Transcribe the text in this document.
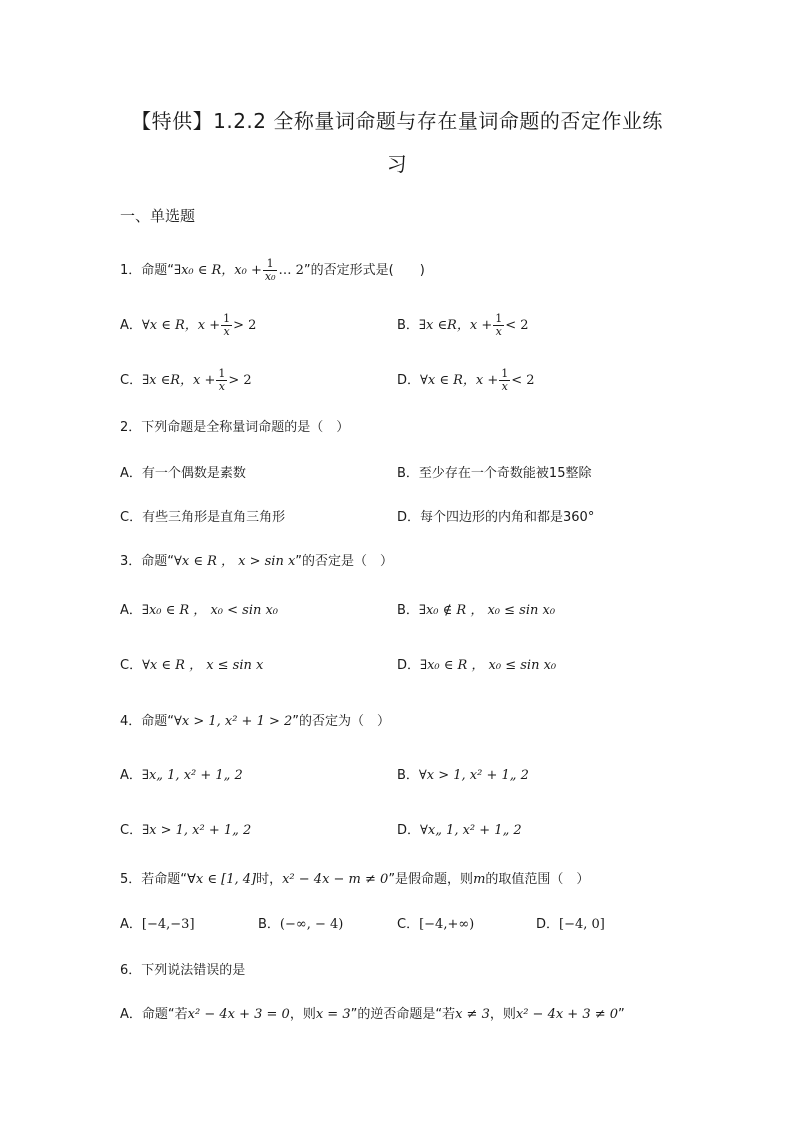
【特供】1.2.2 全称量词命题与存在量词命题的否定作业练
习
一、单选题
1．命题“∃x₀ ∈ R，$x_0 + \frac{1}{\text{x₀}}$ … 2”的否定形式是(　　)
A．∀x ∈ R，$x + \frac{1}{x} > 2$	B．∃x ∈R，$x + \frac{1}{x} < 2$
C．∃x ∈R，$x + \frac{1}{x} > 2$	D．∀x ∈ R，$x + \frac{1}{x} < 2$
2．下列命题是全称量词命题的是（　）
A．有一个偶数是素数	B．至少存在一个奇数能被15整除
C．有些三角形是直角三角形	D．每个四边形的内角和都是360°
3．命题“∀x ∈ R ， x > sin x”的否定是（　）
A．∃x₀ ∈ R ， x₀ < sin x₀	B．∃x₀ ∉ R ， x₀ ≤ sin x₀
C．∀x ∈ R ， x ≤ sin x	D．∃x₀ ∈ R ， x₀ ≤ sin x₀
4．命题“∀x > 1, x² + 1 > 2”的否定为（　）
A．∃x„ 1, x² + 1„ 2	B．∀x > 1, x² + 1„ 2
C．∃x > 1, x² + 1„ 2	D．∀x„ 1, x² + 1„ 2
5．若命题“∀x ∈ [1, 4]时，x² − 4x − m ≠ 0”是假命题，则m的取值范围（　）
A．[−4,−3]	B．(−∞, − 4)	C．[−4,+∞)	D．[−4, 0]
6．下列说法错误的是
A．命题“若x² − 4x + 3 = 0，则x = 3”的逆否命题是“若x ≠ 3，则x² − 4x + 3 ≠ 0”
